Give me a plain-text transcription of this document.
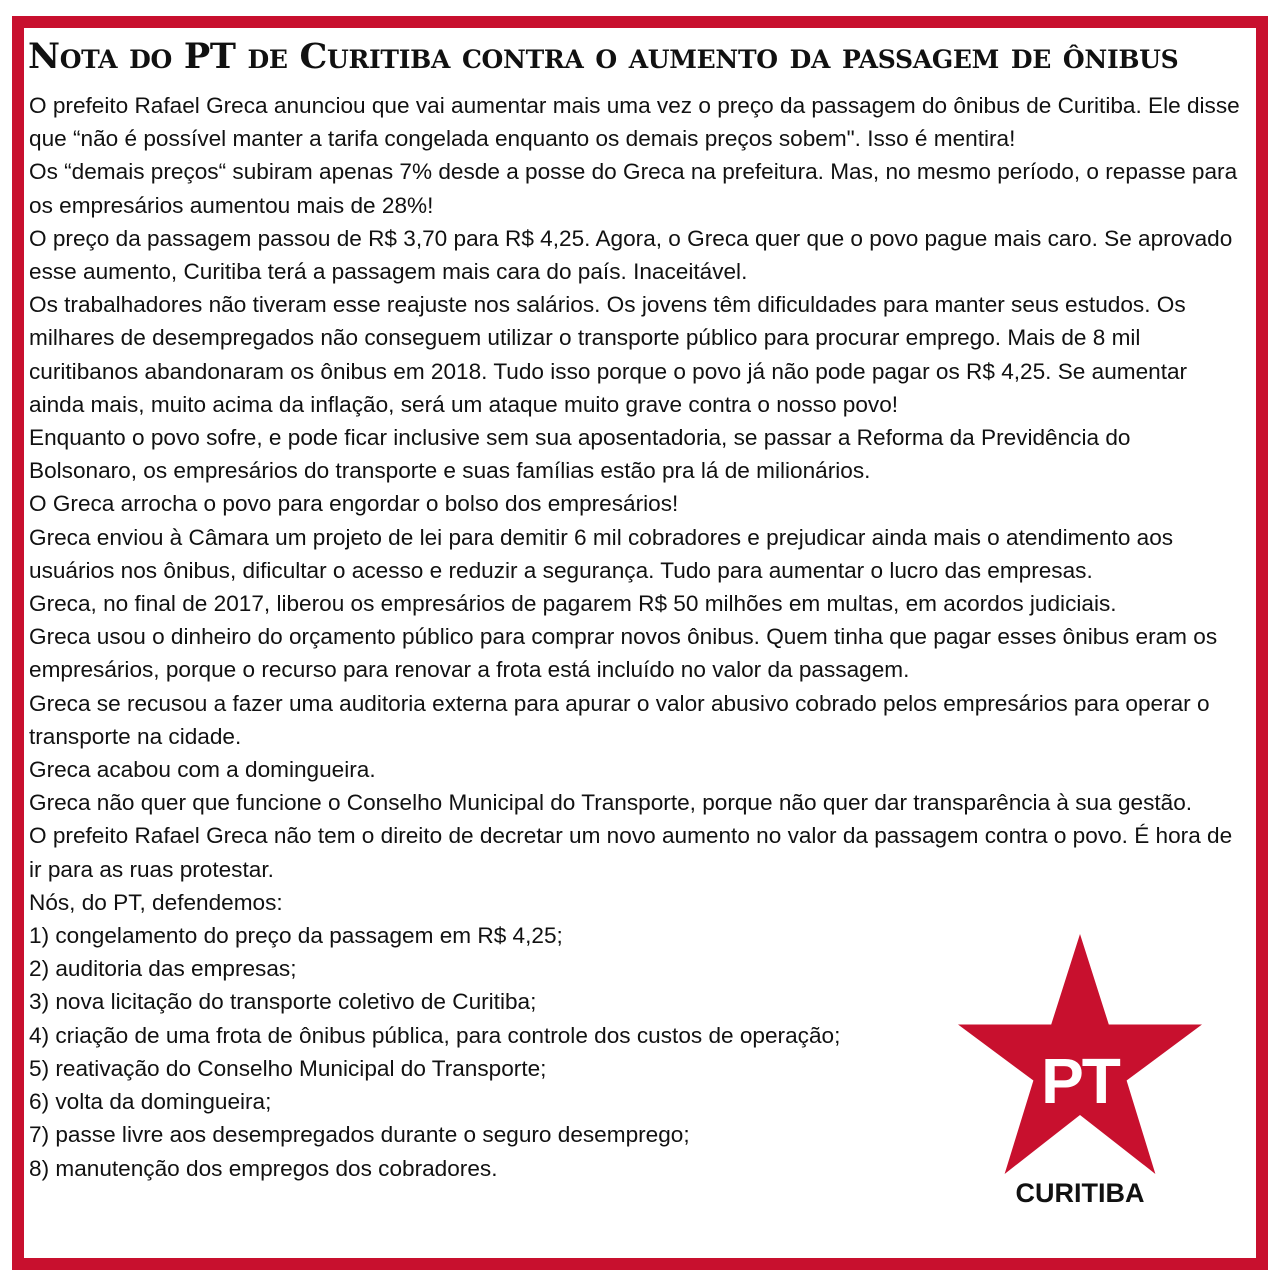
Nota do PT de Curitiba contra o aumento da passagem de ônibus

O prefeito Rafael Greca anunciou que vai aumentar mais uma vez o preço da passagem do ônibus de Curitiba. Ele disse que “não é possível manter a tarifa congelada enquanto os demais preços sobem". Isso é mentira!

Os “demais preços“ subiram apenas 7% desde a posse do Greca na prefeitura. Mas, no mesmo período, o repasse para os empresários aumentou mais de 28%!

O preço da passagem passou de R$ 3,70 para R$ 4,25. Agora, o Greca quer que o povo pague mais caro. Se aprovado esse aumento, Curitiba terá a passagem mais cara do país. Inaceitável.

Os trabalhadores não tiveram esse reajuste nos salários. Os jovens têm dificuldades para manter seus estudos. Os milhares de desempregados não conseguem utilizar o transporte público para procurar emprego. Mais de 8 mil curitibanos abandonaram os ônibus em 2018. Tudo isso porque o povo já não pode pagar os R$ 4,25. Se aumentar ainda mais, muito acima da inflação, será um ataque muito grave contra o nosso povo!

Enquanto o povo sofre, e pode ficar inclusive sem sua aposentadoria, se passar a Reforma da Previdência do Bolsonaro, os empresários do transporte e suas famílias estão pra lá de milionários.

O Greca arrocha o povo para engordar o bolso dos empresários!

Greca enviou à Câmara um projeto de lei para demitir 6 mil cobradores e prejudicar ainda mais o atendimento aos usuários nos ônibus, dificultar o acesso e reduzir a segurança. Tudo para aumentar o lucro das empresas.

Greca, no final de 2017, liberou os empresários de pagarem R$ 50 milhões em multas, em acordos judiciais.

Greca usou o dinheiro do orçamento público para comprar novos ônibus. Quem tinha que pagar esses ônibus eram os empresários, porque o recurso para renovar a frota está incluído no valor da passagem.

Greca se recusou a fazer uma auditoria externa para apurar o valor abusivo cobrado pelos empresários para operar o transporte na cidade.

Greca acabou com a domingueira.

Greca não quer que funcione o Conselho Municipal do Transporte, porque não quer dar transparência à sua gestão.

O prefeito Rafael Greca não tem o direito de decretar um novo aumento no valor da passagem contra o povo. É hora de ir para as ruas protestar.

Nós, do PT, defendemos:

1) congelamento do preço da passagem em R$ 4,25;
2) auditoria das empresas;
3) nova licitação do transporte coletivo de Curitiba;
4) criação de uma frota de ônibus pública, para controle dos custos de operação;
5) reativação do Conselho Municipal do Transporte;
6) volta da domingueira;
7) passe livre aos desempregados durante o seguro desemprego;
8) manutenção dos empregos dos cobradores.
PT
CURITIBA
